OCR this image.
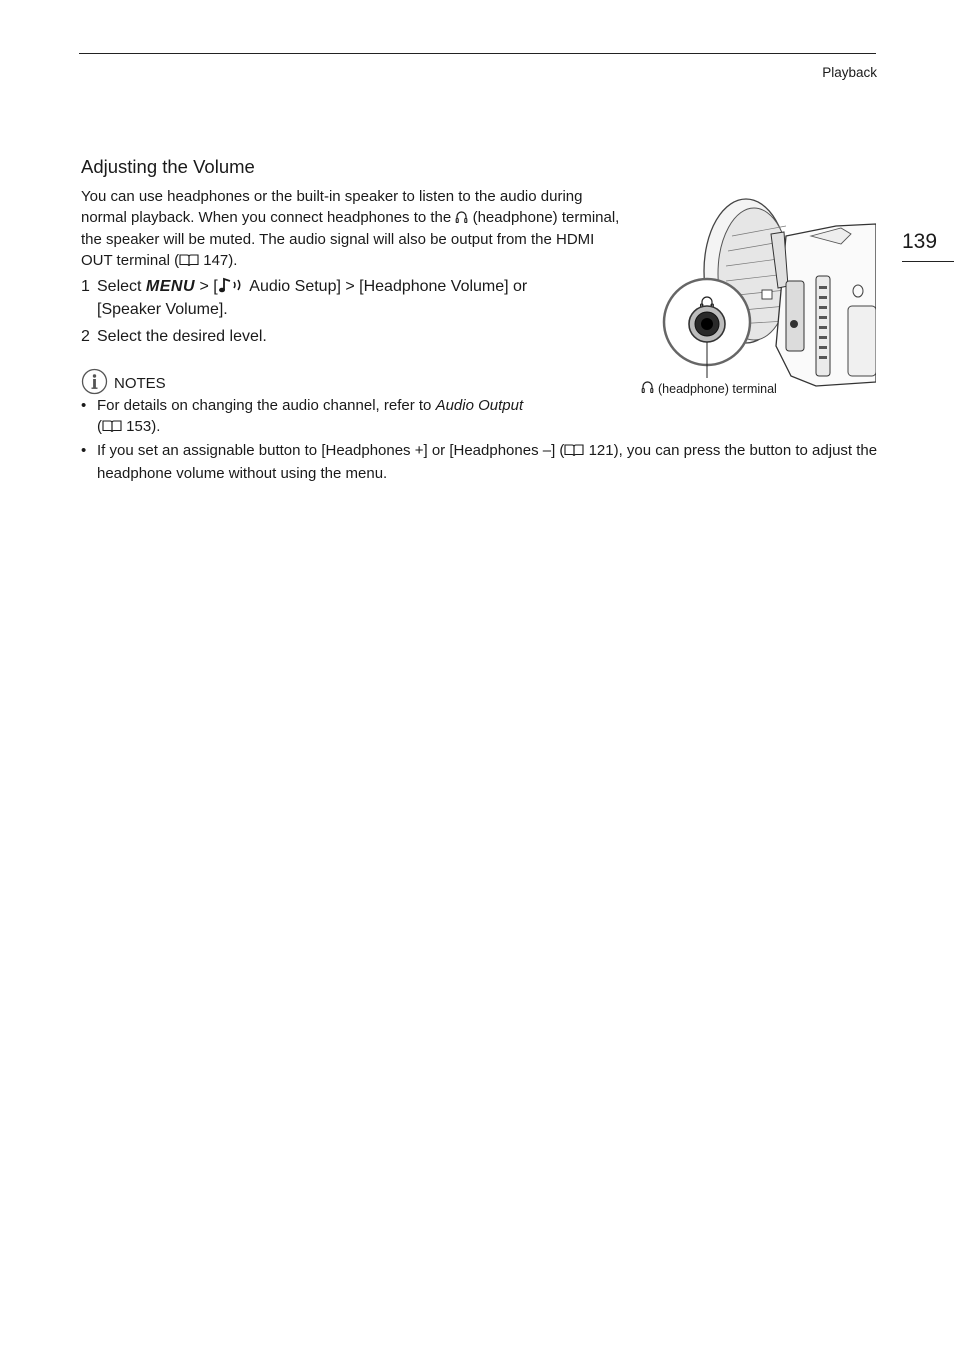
Playback
139
Adjusting the Volume

You can use headphones or the built-in speaker to listen to the audio during normal playback. When you connect headphones to the  (headphone) terminal, the speaker will be muted. The audio signal will also be output from the HDMI OUT terminal ( 147).

1 Select MENU > [ Audio Setup] > [Headphone Volume] or
[Speaker Volume].
2 Select the desired level.
NOTES
• For details on changing the audio channel, refer to Audio Output
( 153).
• If you set an assignable button to [Headphones +] or [Headphones –] ( 121), you can press the button to adjust the headphone volume without using the menu.
(headphone) terminal
